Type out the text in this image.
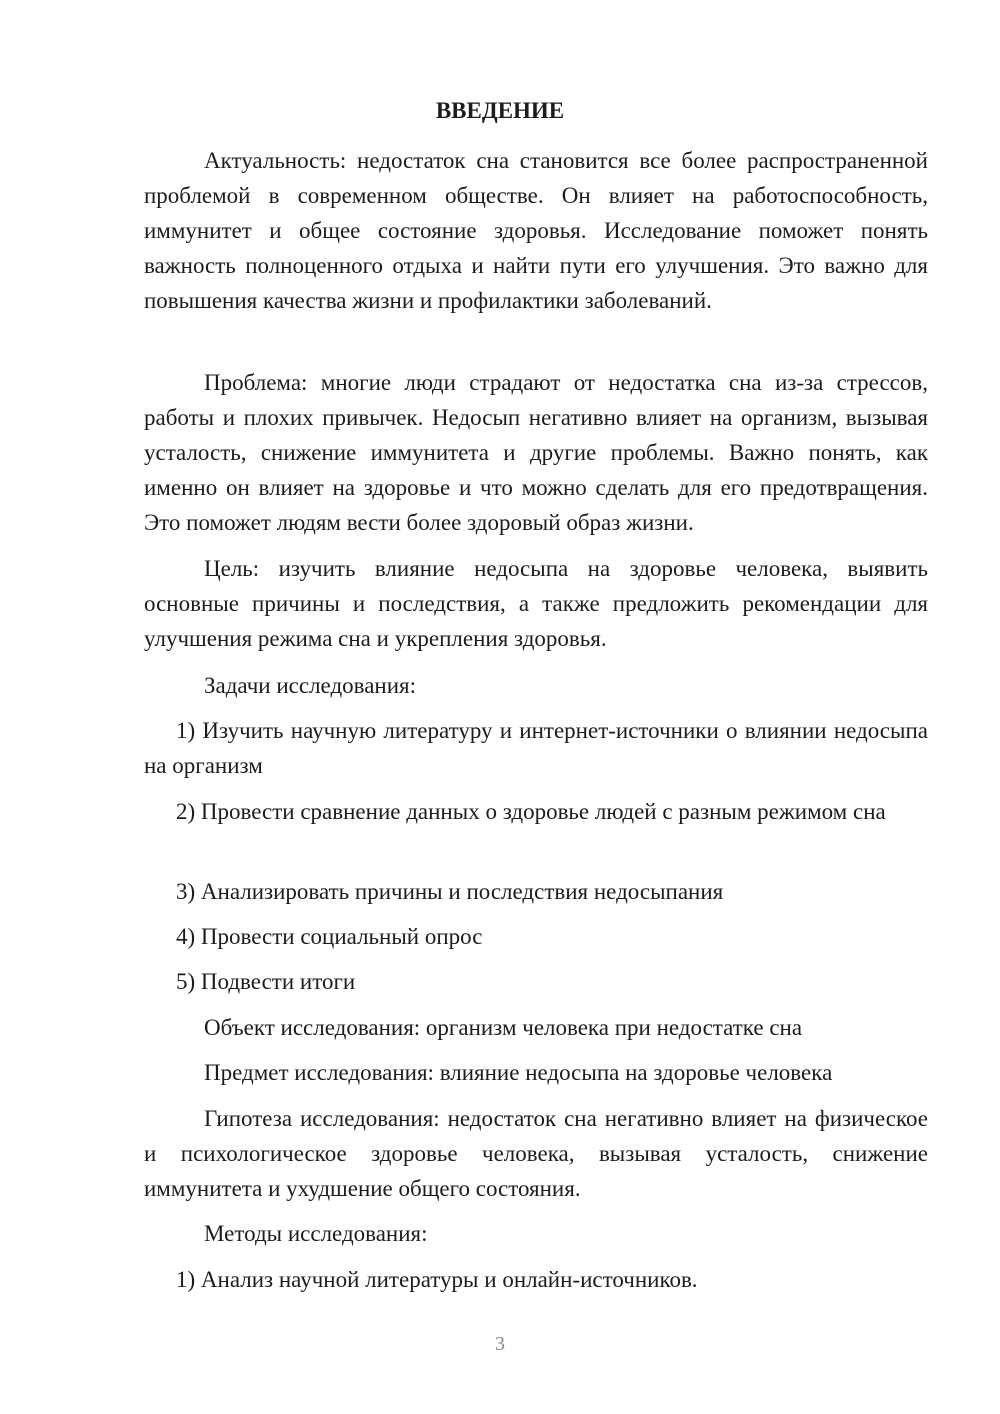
ВВЕДЕНИЕ

Актуальность: недостаток сна становится все более распространенной проблемой в современном обществе. Он влияет на работоспособность, иммунитет и общее состояние здоровья. Исследование поможет понять важность полноценного отдыха и найти пути его улучшения. Это важно для повышения качества жизни и профилактики заболеваний.

Проблема: многие люди страдают от недостатка сна из-за стрессов, работы и плохих привычек. Недосып негативно влияет на организм, вызывая усталость, снижение иммунитета и другие проблемы. Важно понять, как именно он влияет на здоровье и что можно сделать для его предотвращения. Это поможет людям вести более здоровый образ жизни.

Цель: изучить влияние недосыпа на здоровье человека, выявить основные причины и последствия, а также предложить рекомендации для улучшения режима сна и укрепления здоровья.

Задачи исследования:

1) Изучить научную литературу и интернет-источники о влиянии недосыпа на организм

2) Провести сравнение данных о здоровье людей с разным режимом сна

3) Анализировать причины и последствия недосыпания

4) Провести социальный опрос

5) Подвести итоги

Объект исследования: организм человека при недостатке сна

Предмет исследования: влияние недосыпа на здоровье человека

Гипотеза исследования: недостаток сна негативно влияет на физическое и психологическое здоровье человека, вызывая усталость, снижение иммунитета и ухудшение общего состояния.

Методы исследования:

1) Анализ научной литературы и онлайн-источников.

3
